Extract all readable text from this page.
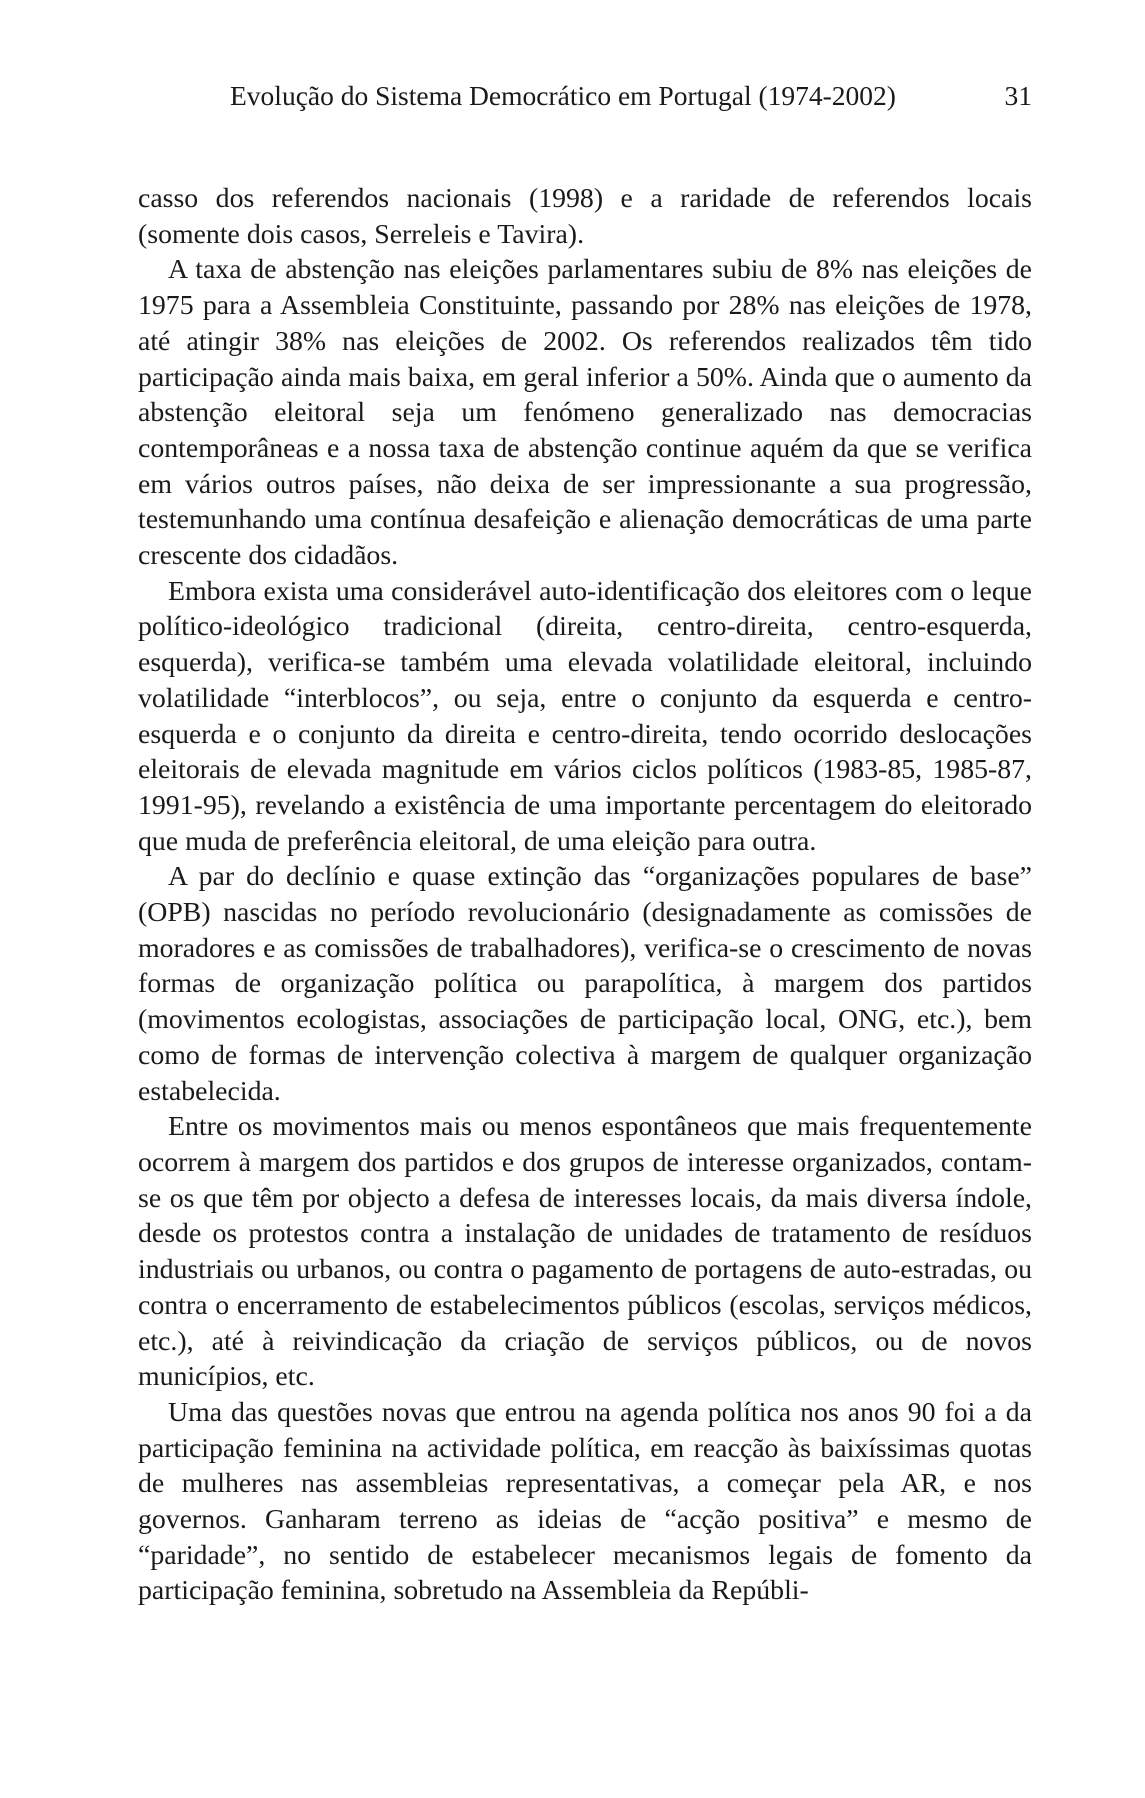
Evolução do Sistema Democrático em Portugal (1974-2002)	31

casso dos referendos nacionais (1998) e a raridade de referendos locais (somente dois casos, Serreleis e Tavira).

A taxa de abstenção nas eleições parlamentares subiu de 8% nas eleições de 1975 para a Assembleia Constituinte, passando por 28% nas eleições de 1978, até atingir 38% nas eleições de 2002. Os referendos realizados têm tido participação ainda mais baixa, em geral inferior a 50%. Ainda que o aumento da abstenção eleitoral seja um fenómeno generalizado nas democracias contemporâneas e a nossa taxa de abstenção continue aquém da que se verifica em vários outros países, não deixa de ser impressionante a sua progressão, testemunhando uma contínua desafeição e alienação democráticas de uma parte crescente dos cidadãos.

Embora exista uma considerável auto-identificação dos eleitores com o leque político-ideológico tradicional (direita, centro-direita, centro-esquerda, esquerda), verifica-se também uma elevada volatilidade eleitoral, incluindo volatilidade “interblocos”, ou seja, entre o conjunto da esquerda e centro-esquerda e o conjunto da direita e centro-direita, tendo ocorrido deslocações eleitorais de elevada magnitude em vários ciclos políticos (1983-85, 1985-87, 1991-95), revelando a existência de uma importante percentagem do eleitorado que muda de preferência eleitoral, de uma eleição para outra.

A par do declínio e quase extinção das “organizações populares de base” (OPB) nascidas no período revolucionário (designadamente as comissões de moradores e as comissões de trabalhadores), verifica-se o crescimento de novas formas de organização política ou parapolítica, à margem dos partidos (movimentos ecologistas, associações de participação local, ONG, etc.), bem como de formas de intervenção colectiva à margem de qualquer organização estabelecida.

Entre os movimentos mais ou menos espontâneos que mais frequentemente ocorrem à margem dos partidos e dos grupos de interesse organizados, contam-se os que têm por objecto a defesa de interesses locais, da mais diversa índole, desde os protestos contra a instalação de unidades de tratamento de resíduos industriais ou urbanos, ou contra o pagamento de portagens de auto-estradas, ou contra o encerramento de estabelecimentos públicos (escolas, serviços médicos, etc.), até à reivindicação da criação de serviços públicos, ou de novos municípios, etc.

Uma das questões novas que entrou na agenda política nos anos 90 foi a da participação feminina na actividade política, em reacção às baixíssimas quotas de mulheres nas assembleias representativas, a começar pela AR, e nos governos. Ganharam terreno as ideias de “acção positiva” e mesmo de “paridade”, no sentido de estabelecer mecanismos legais de fomento da participação feminina, sobretudo na Assembleia da Repúbli-
